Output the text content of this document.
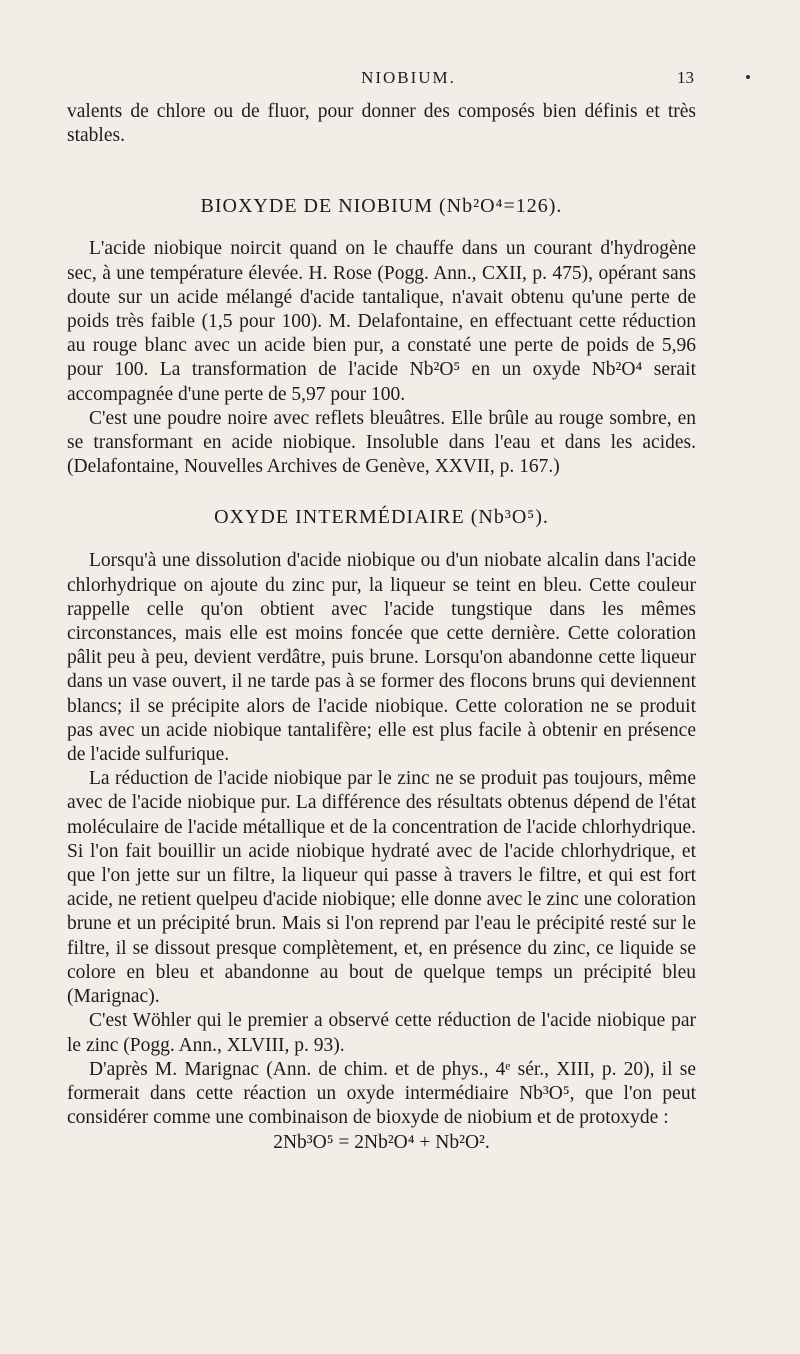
NIOBIUM.	13

valents de chlore ou de fluor, pour donner des composés bien définis et très stables.

BIOXYDE DE NIOBIUM (Nb²O⁴=126).

L'acide niobique noircit quand on le chauffe dans un courant d'hydrogène sec, à une température élevée. H. Rose (Pogg. Ann., CXII, p. 475), opérant sans doute sur un acide mélangé d'acide tantalique, n'avait obtenu qu'une perte de poids très faible (1,5 pour 100). M. Delafontaine, en effectuant cette réduction au rouge blanc avec un acide bien pur, a constaté une perte de poids de 5,96 pour 100. La transformation de l'acide Nb²O⁵ en un oxyde Nb²O⁴ serait accompagnée d'une perte de 5,97 pour 100.

C'est une poudre noire avec reflets bleuâtres. Elle brûle au rouge sombre, en se transformant en acide niobique. Insoluble dans l'eau et dans les acides. (Delafontaine, Nouvelles Archives de Genève, XXVII, p. 167.)

OXYDE INTERMÉDIAIRE (Nb³O⁵).

Lorsqu'à une dissolution d'acide niobique ou d'un niobate alcalin dans l'acide chlorhydrique on ajoute du zinc pur, la liqueur se teint en bleu. Cette couleur rappelle celle qu'on obtient avec l'acide tungstique dans les mêmes circonstances, mais elle est moins foncée que cette dernière. Cette coloration pâlit peu à peu, devient verdâtre, puis brune. Lorsqu'on abandonne cette liqueur dans un vase ouvert, il ne tarde pas à se former des flocons bruns qui deviennent blancs; il se précipite alors de l'acide niobique. Cette coloration ne se produit pas avec un acide niobique tantalifère; elle est plus facile à obtenir en présence de l'acide sulfurique.

La réduction de l'acide niobique par le zinc ne se produit pas toujours, même avec de l'acide niobique pur. La différence des résultats obtenus dépend de l'état moléculaire de l'acide métallique et de la concentration de l'acide chlorhydrique. Si l'on fait bouillir un acide niobique hydraté avec de l'acide chlorhydrique, et que l'on jette sur un filtre, la liqueur qui passe à travers le filtre, et qui est fort acide, ne retient quelpeu d'acide niobique; elle donne avec le zinc une coloration brune et un précipité brun. Mais si l'on reprend par l'eau le précipité resté sur le filtre, il se dissout presque complètement, et, en présence du zinc, ce liquide se colore en bleu et abandonne au bout de quelque temps un précipité bleu (Marignac).

C'est Wöhler qui le premier a observé cette réduction de l'acide niobique par le zinc (Pogg. Ann., XLVIII, p. 93).

D'après M. Marignac (Ann. de chim. et de phys., 4ᵉ sér., XIII, p. 20), il se formerait dans cette réaction un oxyde intermédiaire Nb³O⁵, que l'on peut considérer comme une combinaison de bioxyde de niobium et de protoxyde :

2Nb³O⁵ = 2Nb²O⁴ + Nb²O².
